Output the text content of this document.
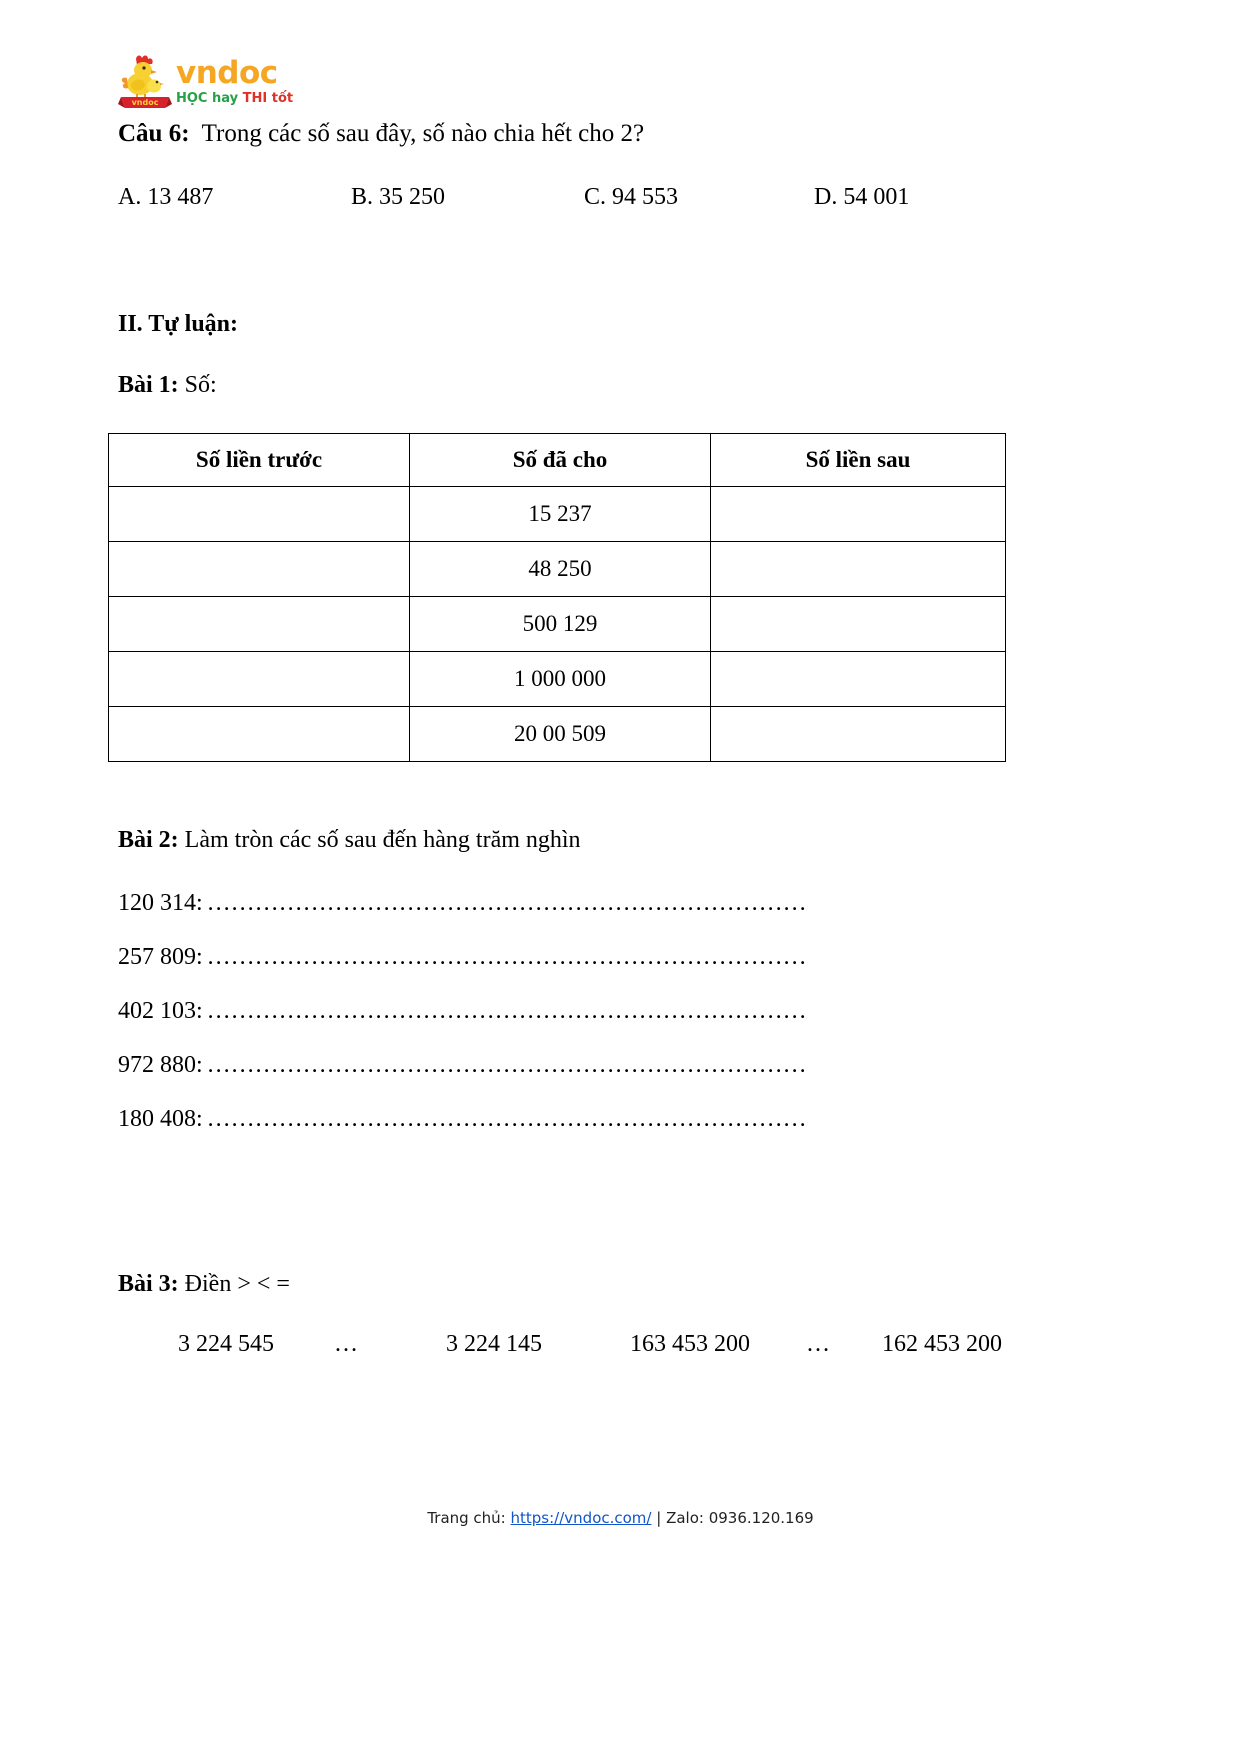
vndoc
vndoc
HỌC hay THI tốt
Câu 6:  Trong các số sau đây, số nào chia hết cho 2?
A. 13 487	B. 35 250	C. 94 553	D. 54 001
II. Tự luận:
Bài 1: Số:
Số liền trước	Số đã cho	Số liền sau
	15 237	
	48 250	
	500 129	
	1 000 000	
	20 00 509	
Bài 2: Làm tròn các số sau đến hàng trăm nghìn
120 314: …………………………………………………………………
257 809: …………………………………………………………………
402 103: …………………………………………………………………
972 880: …………………………………………………………………
180 408: …………………………………………………………………
Bài 3: Điền > < =
3 224 545	…	3 224 145	163 453 200 … 162 453 200
Trang chủ: https://vndoc.com/ | Zalo: 0936.120.169
